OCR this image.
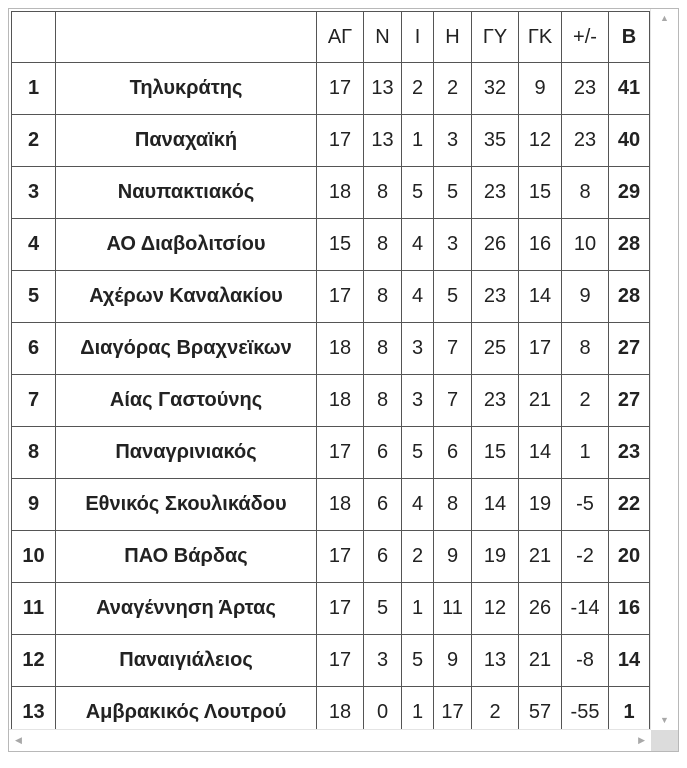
		ΑΓ	Ν	Ι	Η	ΓΥ	ΓΚ	+/-	Β
1	Τηλυκράτης	17	13	2	2	32	9	23	41
2	Παναχαϊκή	17	13	1	3	35	12	23	40
3	Ναυπακτιακός	18	8	5	5	23	15	8	29
4	ΑΟ Διαβολιτσίου	15	8	4	3	26	16	10	28
5	Αχέρων Καναλακίου	17	8	4	5	23	14	9	28
6	Διαγόρας Βραχνεϊκων	18	8	3	7	25	17	8	27
7	Αίας Γαστούνης	18	8	3	7	23	21	2	27
8	Παναγρινιακός	17	6	5	6	15	14	1	23
9	Εθνικός Σκουλικάδου	18	6	4	8	14	19	-5	22
10	ΠΑΟ Βάρδας	17	6	2	9	19	21	-2	20
11	Αναγέννηση Άρτας	17	5	1	11	12	26	-14	16
12	Παναιγιάλειος	17	3	5	9	13	21	-8	14
13	Αμβρακικός Λουτρού	18	0	1	17	2	57	-55	1
▲
▼
◀	▶
